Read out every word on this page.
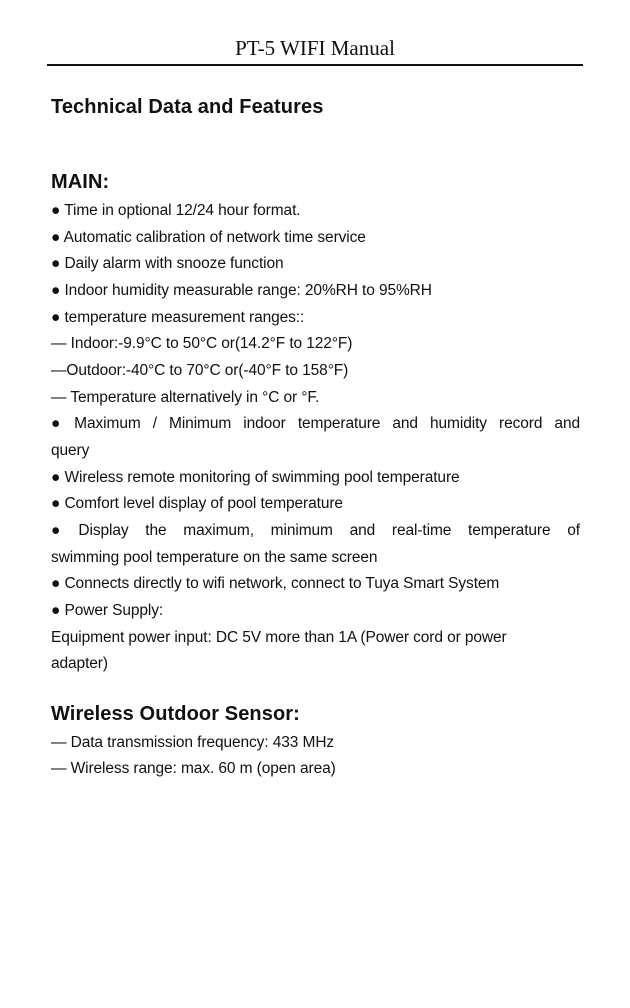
PT-5 WIFI Manual
Technical Data and Features
MAIN:
● Time in optional 12/24 hour format.
● Automatic calibration of network time service
● Daily alarm with snooze function
● Indoor humidity measurable range: 20%RH to 95%RH
● temperature measurement ranges::
— Indoor:-9.9°C to 50°C or(14.2°F to 122°F)
—Outdoor:-40°C to 70°C or(-40°F to 158°F)
— Temperature alternatively in °C or °F.
●  Maximum  /  Minimum  indoor  temperature  and  humidity  record  and
query
● Wireless remote monitoring of swimming pool temperature
● Comfort level display of pool temperature
●   Display   the   maximum,   minimum   and   real-time   temperature   of
swimming pool temperature on the same screen
● Connects directly to wifi network, connect to Tuya Smart System
● Power Supply:
Equipment power input: DC 5V more than 1A (Power cord or power
adapter)
Wireless Outdoor Sensor:
— Data transmission frequency: 433 MHz
— Wireless range: max. 60 m (open area)
